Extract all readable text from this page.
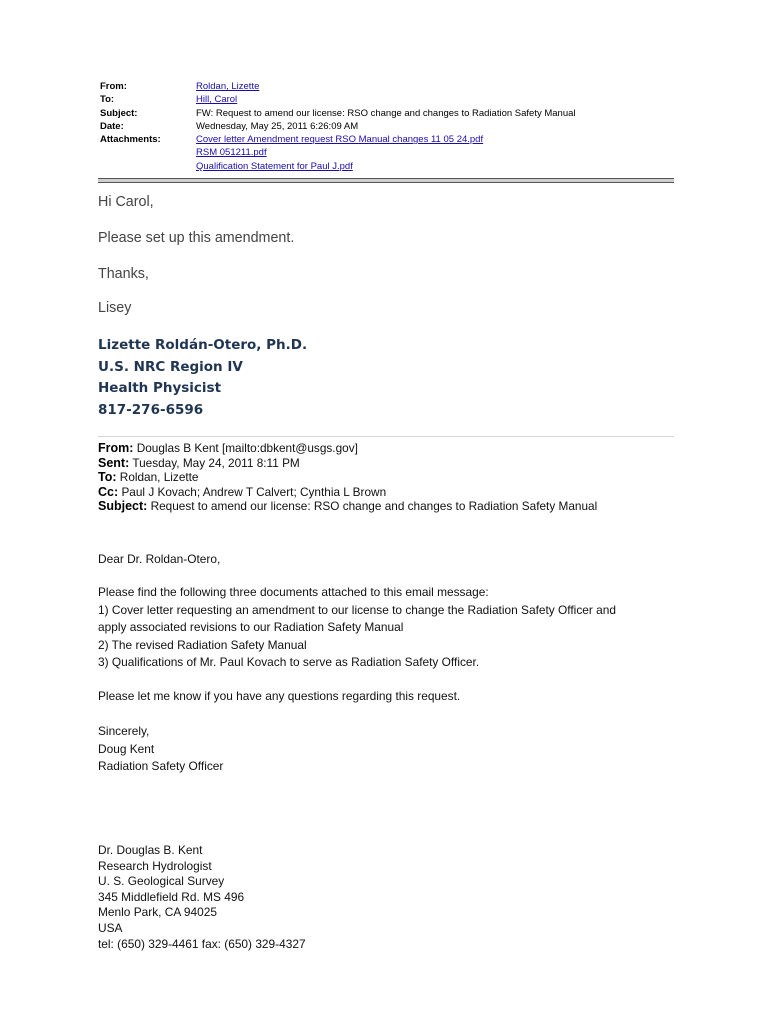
From:	Roldan, Lizette
To:	Hill, Carol
Subject:	FW: Request to amend our license: RSO change and changes to Radiation Safety Manual
Date:	Wednesday, May 25, 2011 6:26:09 AM
Attachments:	Cover letter Amendment request RSO Manual changes 11 05 24.pdf
RSM 051211.pdf
Qualification Statement for Paul J.pdf

Hi Carol,

Please set up this amendment.

Thanks,

Lisey

Lizette Roldán-Otero, Ph.D.
U.S. NRC Region IV
Health Physicist
817-276-6596
From: Douglas B Kent [mailto:dbkent@usgs.gov]
Sent: Tuesday, May 24, 2011 8:11 PM
To: Roldan, Lizette
Cc: Paul J Kovach; Andrew T Calvert; Cynthia L Brown
Subject: Request to amend our license: RSO change and changes to Radiation Safety Manual
Dear Dr. Roldan-Otero,
Please find the following three documents attached to this email message:
1) Cover letter requesting an amendment to our license to change the Radiation Safety Officer and
apply associated revisions to our Radiation Safety Manual
2) The revised Radiation Safety Manual
3) Qualifications of Mr. Paul Kovach to serve as Radiation Safety Officer.
Please let me know if you have any questions regarding this request.
Sincerely,
Doug Kent
Radiation Safety Officer
Dr. Douglas B. Kent
Research Hydrologist
U. S. Geological Survey
345 Middlefield Rd. MS 496
Menlo Park, CA 94025
USA
tel: (650) 329-4461 fax: (650) 329-4327
